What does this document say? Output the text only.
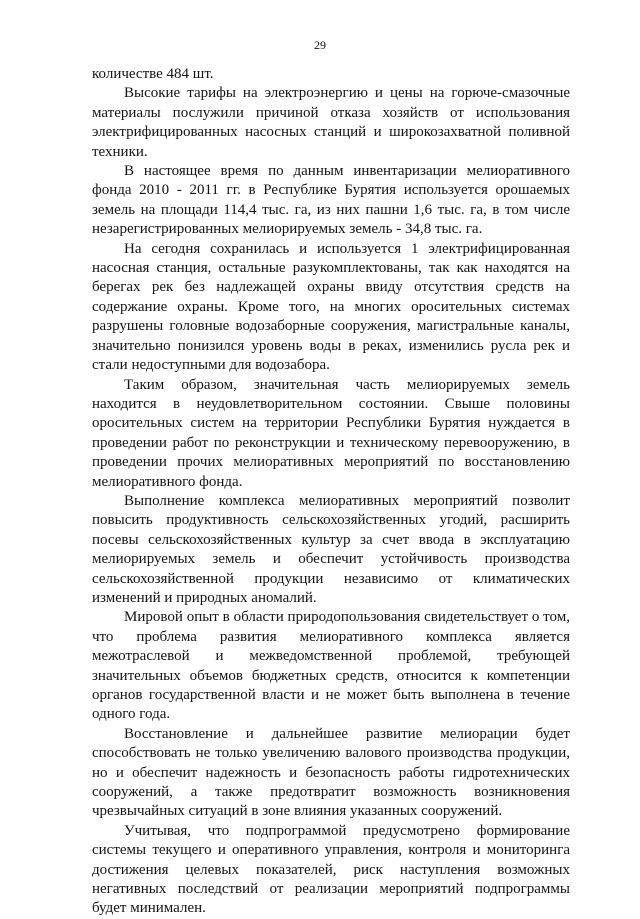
29

количестве 484 шт.

Высокие тарифы на электроэнергию и цены на горюче-смазочные материалы послужили причиной отказа хозяйств от использования электрифицированных насосных станций и широкозахватной поливной техники.

В настоящее время по данным инвентаризации мелиоративного фонда 2010 - 2011 гг. в Республике Бурятия используется орошаемых земель на площади 114,4 тыс. га, из них пашни 1,6 тыс. га, в том числе незарегистрированных мелиорируемых земель - 34,8 тыс. га.

На сегодня сохранилась и используется 1 электрифицированная насосная станция, остальные разукомплектованы, так как находятся на берегах рек без надлежащей охраны ввиду отсутствия средств на содержание охраны. Кроме того, на многих оросительных системах разрушены головные водозаборные сооружения, магистральные каналы, значительно понизился уровень воды в реках, изменились русла рек и стали недоступными для водозабора.

Таким образом, значительная часть мелиорируемых земель находится в неудовлетворительном состоянии. Свыше половины оросительных систем на территории Республики Бурятия нуждается в проведении работ по реконструкции и техническому перевооружению, в проведении прочих мелиоративных мероприятий по восстановлению мелиоративного фонда.

Выполнение комплекса мелиоративных мероприятий позволит повысить продуктивность сельскохозяйственных угодий, расширить посевы сельскохозяйственных культур за счет ввода в эксплуатацию мелиорируемых земель и обеспечит устойчивость производства сельскохозяйственной продукции независимо от климатических изменений и природных аномалий.

Мировой опыт в области природопользования свидетельствует о том, что проблема развития мелиоративного комплекса является межотраслевой и межведомственной проблемой, требующей значительных объемов бюджетных средств, относится к компетенции органов государственной власти и не может быть выполнена в течение одного года.

Восстановление и дальнейшее развитие мелиорации будет способствовать не только увеличению валового производства продукции, но и обеспечит надежность и безопасность работы гидротехнических сооружений, а также предотвратит возможность возникновения чрезвычайных ситуаций в зоне влияния указанных сооружений.

Учитывая, что подпрограммой предусмотрено формирование системы текущего и оперативного управления, контроля и мониторинга достижения целевых показателей, риск наступления возможных негативных последствий от реализации мероприятий подпрограммы будет минимален.
